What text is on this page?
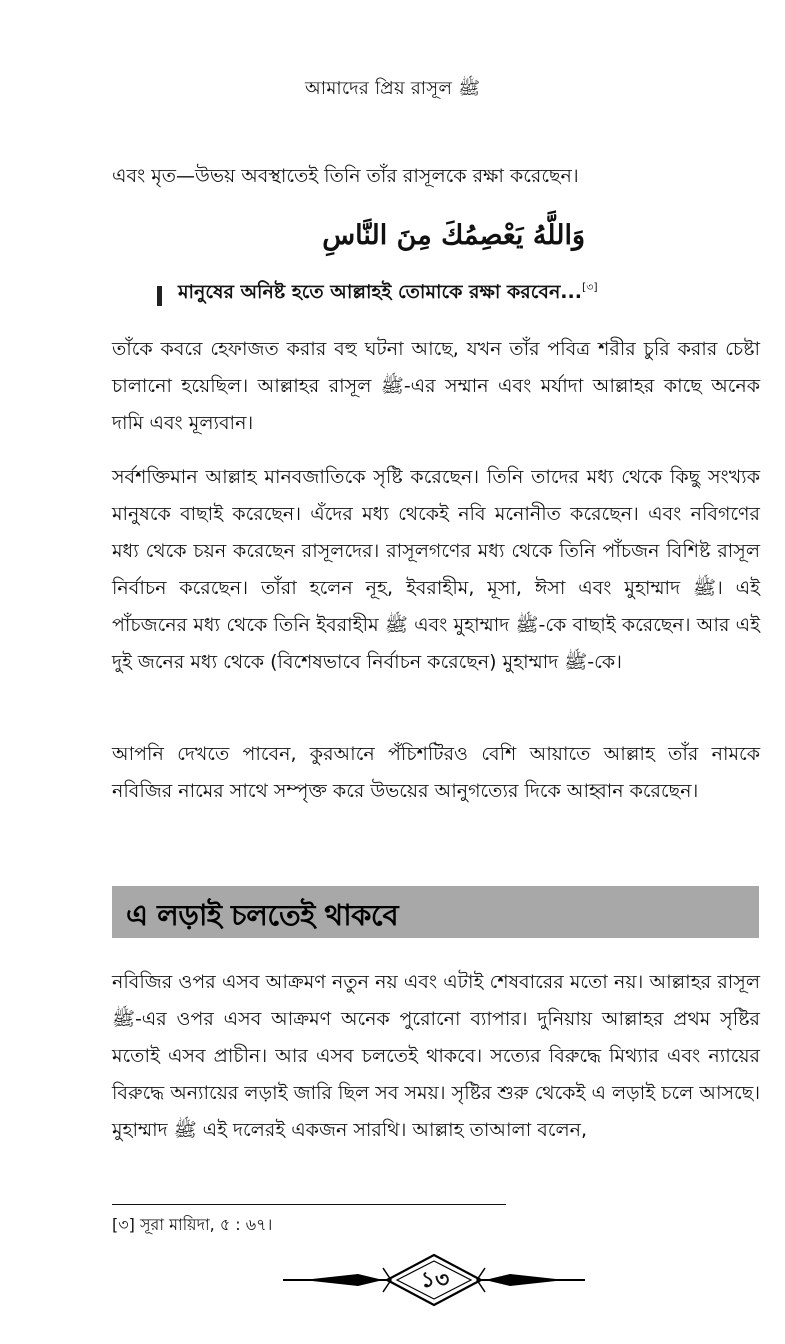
আমাদের প্রিয় রাসূল ﷺ

এবং মৃত—উভয় অবস্থাতেই তিনি তাঁর রাসূলকে রক্ষা করেছেন।

وَاللَّهُ يَعْصِمُكَ مِنَ النَّاسِ
মানুষের অনিষ্ট হতে আল্লাহই তোমাকে রক্ষা করবেন...[৩]

তাঁকে কবরে হেফাজত করার বহু ঘটনা আছে, যখন তাঁর পবিত্র শরীর চুরি করার চেষ্টা চালানো হয়েছিল। আল্লাহর রাসূল ﷺ-এর সম্মান এবং মর্যাদা আল্লাহর কাছে অনেক দামি এবং মূল্যবান।

সর্বশক্তিমান আল্লাহ মানবজাতিকে সৃষ্টি করেছেন। তিনি তাদের মধ্য থেকে কিছু সংখ্যক মানুষকে বাছাই করেছেন। এঁদের মধ্য থেকেই নবি মনোনীত করেছেন। এবং নবিগণের মধ্য থেকে চয়ন করেছেন রাসূলদের। রাসূলগণের মধ্য থেকে তিনি পাঁচজন বিশিষ্ট রাসূল নির্বাচন করেছেন। তাঁরা হলেন নূহ, ইবরাহীম, মূসা, ঈসা এবং মুহাম্মাদ ﷺ। এই পাঁচজনের মধ্য থেকে তিনি ইবরাহীম ﷺ এবং মুহাম্মাদ ﷺ-কে বাছাই করেছেন। আর এই দুই জনের মধ্য থেকে (বিশেষভাবে নির্বাচন করেছেন) মুহাম্মাদ ﷺ-কে।

আপনি দেখতে পাবেন, কুরআনে পঁচিশটিরও বেশি আয়াতে আল্লাহ তাঁর নামকে নবিজির নামের সাথে সম্পৃক্ত করে উভয়ের আনুগত্যের দিকে আহ্বান করেছেন।

এ লড়াই চলতেই থাকবে

নবিজির ওপর এসব আক্রমণ নতুন নয় এবং এটাই শেষবারের মতো নয়। আল্লাহর রাসূল ﷺ-এর ওপর এসব আক্রমণ অনেক পুরোনো ব্যাপার। দুনিয়ায় আল্লাহর প্রথম সৃষ্টির মতোই এসব প্রাচীন। আর এসব চলতেই থাকবে। সত্যের বিরুদ্ধে মিথ্যার এবং ন্যায়ের বিরুদ্ধে অন্যায়ের লড়াই জারি ছিল সব সময়। সৃষ্টির শুরু থেকেই এ লড়াই চলে আসছে। মুহাম্মাদ ﷺ এই দলেরই একজন সারথি। আল্লাহ তাআলা বলেন,

[৩] সূরা মায়িদা, ৫ : ৬৭।
১৩
